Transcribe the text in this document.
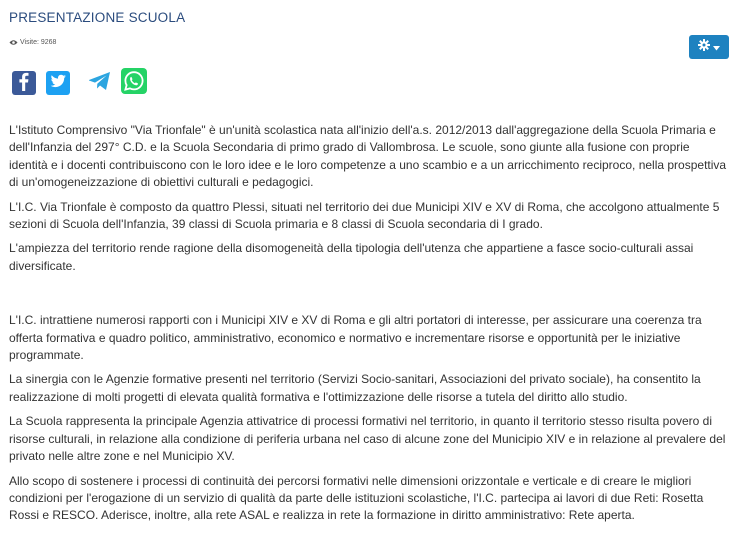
PRESENTAZIONE SCUOLA
Visite: 9268

L'Istituto Comprensivo "Via Trionfale" è un'unità scolastica nata all'inizio dell'a.s. 2012/2013 dall'aggregazione della Scuola Primaria e dell'Infanzia del 297° C.D. e la Scuola Secondaria di primo grado di Vallombrosa. Le scuole, sono giunte alla fusione con proprie identità e i docenti contribuiscono con le loro idee e le loro competenze a uno scambio e a un arricchimento reciproco, nella prospettiva di un'omogeneizzazione di obiettivi culturali e pedagogici.

L'I.C. Via Trionfale è composto da quattro Plessi, situati nel territorio dei due Municipi XIV e XV di Roma, che accolgono attualmente 5 sezioni di Scuola dell'Infanzia, 39 classi di Scuola primaria e 8 classi di Scuola secondaria di I grado.

L'ampiezza del territorio rende ragione della disomogeneità della tipologia dell'utenza che appartiene a fasce socio-culturali assai diversificate.

L'I.C. intrattiene numerosi rapporti con i Municipi XIV e XV di Roma e gli altri portatori di interesse, per assicurare una coerenza tra offerta formativa e quadro politico, amministrativo, economico e normativo e incrementare risorse e opportunità per le iniziative programmate.

La sinergia con le Agenzie formative presenti nel territorio (Servizi Socio-sanitari, Associazioni del privato sociale), ha consentito la realizzazione di molti progetti di elevata qualità formativa e l'ottimizzazione delle risorse a tutela del diritto allo studio.

La Scuola rappresenta la principale Agenzia attivatrice di processi formativi nel territorio, in quanto il territorio stesso risulta povero di risorse culturali, in relazione alla condizione di periferia urbana nel caso di alcune zone del Municipio XIV e in relazione al prevalere del privato nelle altre zone e nel Municipio XV.

Allo scopo di sostenere i processi di continuità dei percorsi formativi nelle dimensioni orizzontale e verticale e di creare le migliori condizioni per l'erogazione di un servizio di qualità da parte delle istituzioni scolastiche, l'I.C. partecipa ai lavori di due Reti: Rosetta Rossi e RESCO. Aderisce, inoltre, alla rete ASAL e realizza in rete la formazione in diritto amministrativo: Rete aperta.
